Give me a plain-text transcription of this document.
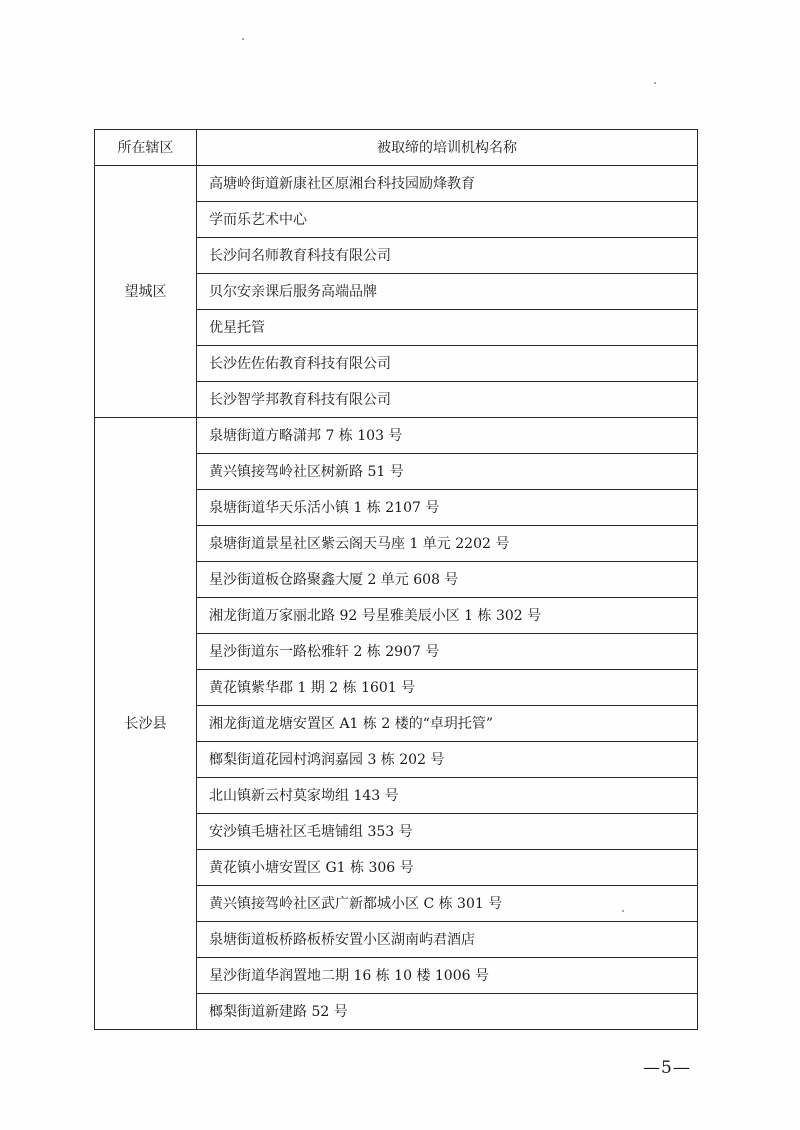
所在辖区	被取缔的培训机构名称
望城区	高塘岭街道新康社区原湘台科技园励烽教育
	学而乐艺术中心
	长沙问名师教育科技有限公司
	贝尔安亲课后服务高端品牌
	优星托管
	长沙佐佐佑教育科技有限公司
	长沙智学邦教育科技有限公司
长沙县	泉塘街道方略潇邦 7 栋 103 号
	黄兴镇接驾岭社区树新路 51 号
	泉塘街道华天乐活小镇 1 栋 2107 号
	泉塘街道景星社区紫云阁天马座 1 单元 2202 号
	星沙街道板仓路聚鑫大厦 2 单元 608 号
	湘龙街道万家丽北路 92 号星雅美辰小区 1 栋 302 号
	星沙街道东一路松雅轩 2 栋 2907 号
	黄花镇紫华郡 1 期 2 栋 1601 号
	湘龙街道龙塘安置区 A1 栋 2 楼的“卓玥托管”
	榔梨街道花园村鸿润嘉园 3 栋 202 号
	北山镇新云村莫家坳组 143 号
	安沙镇毛塘社区毛塘铺组 353 号
	黄花镇小塘安置区 G1 栋 306 号
	黄兴镇接驾岭社区武广新都城小区 C 栋 301 号
	泉塘街道板桥路板桥安置小区湖南屿君酒店
	星沙街道华润置地二期 16 栋 10 楼 1006 号
	榔梨街道新建路 52 号
—5—
